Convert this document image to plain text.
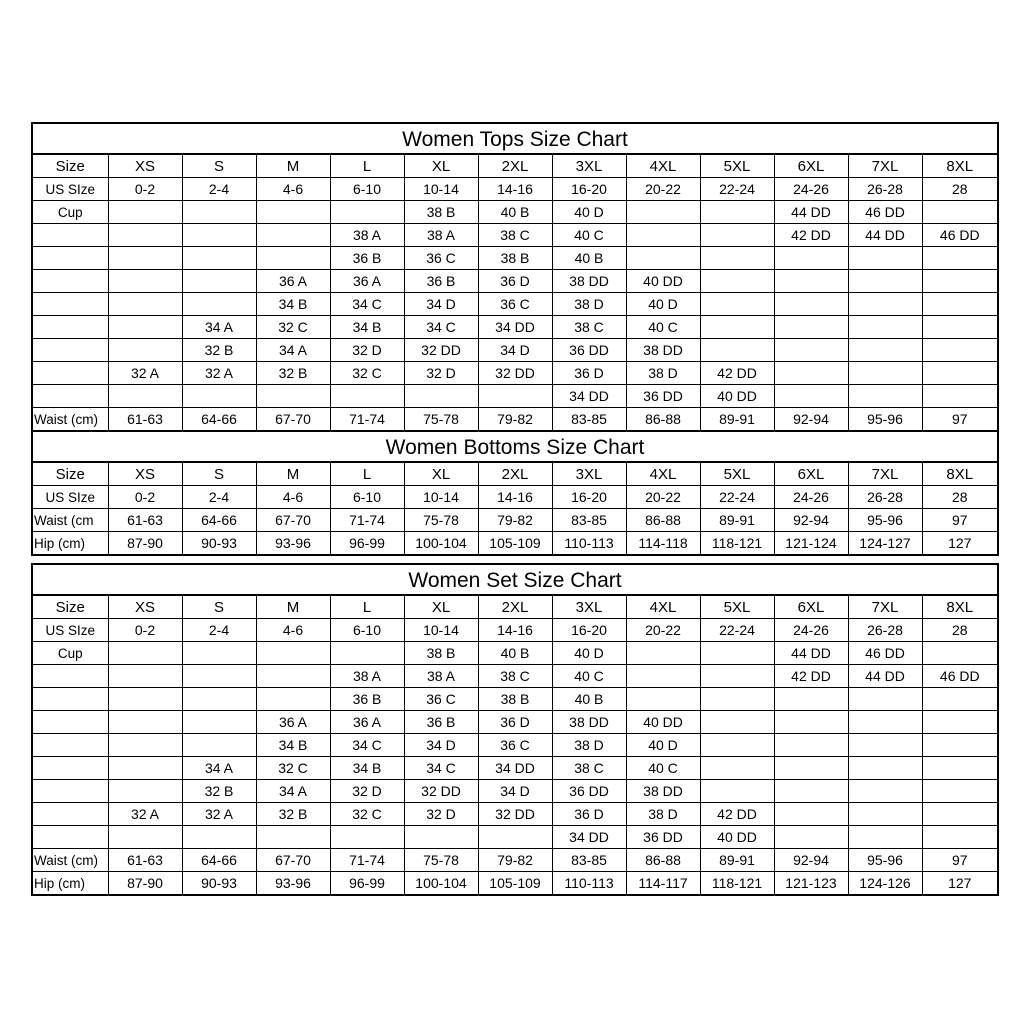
Women Tops Size Chart
Size	XS	S	M	L	XL	2XL	3XL	4XL	5XL	6XL	7XL	8XL
US SIze	0-2	2-4	4-6	6-10	10-14	14-16	16-20	20-22	22-24	24-26	26-28	28
Cup					38 B	40 B	40 D			44 DD	46 DD	
				38 A	38 A	38 C	40 C			42 DD	44 DD	46 DD
				36 B	36 C	38 B	40 B					
			36 A	36 A	36 B	36 D	38 DD	40 DD				
			34 B	34 C	34 D	36 C	38 D	40 D				
		34 A	32 C	34 B	34 C	34 DD	38 C	40 C				
		32 B	34 A	32 D	32 DD	34 D	36 DD	38 DD				
	32 A	32 A	32 B	32 C	32 D	32 DD	36 D	38 D	42 DD			
							34 DD	36 DD	40 DD			
Waist (cm)	61-63	64-66	67-70	71-74	75-78	79-82	83-85	86-88	89-91	92-94	95-96	97
Women Bottoms Size Chart
Size	XS	S	M	L	XL	2XL	3XL	4XL	5XL	6XL	7XL	8XL
US SIze	0-2	2-4	4-6	6-10	10-14	14-16	16-20	20-22	22-24	24-26	26-28	28
Waist (cm	61-63	64-66	67-70	71-74	75-78	79-82	83-85	86-88	89-91	92-94	95-96	97
Hip (cm)	87-90	90-93	93-96	96-99	100-104	105-109	110-113	114-118	118-121	121-124	124-127	127
Women Set Size Chart
Size	XS	S	M	L	XL	2XL	3XL	4XL	5XL	6XL	7XL	8XL
US SIze	0-2	2-4	4-6	6-10	10-14	14-16	16-20	20-22	22-24	24-26	26-28	28
Cup					38 B	40 B	40 D			44 DD	46 DD	
				38 A	38 A	38 C	40 C			42 DD	44 DD	46 DD
				36 B	36 C	38 B	40 B					
			36 A	36 A	36 B	36 D	38 DD	40 DD				
			34 B	34 C	34 D	36 C	38 D	40 D				
		34 A	32 C	34 B	34 C	34 DD	38 C	40 C				
		32 B	34 A	32 D	32 DD	34 D	36 DD	38 DD				
	32 A	32 A	32 B	32 C	32 D	32 DD	36 D	38 D	42 DD			
							34 DD	36 DD	40 DD			
Waist (cm)	61-63	64-66	67-70	71-74	75-78	79-82	83-85	86-88	89-91	92-94	95-96	97
Hip (cm)	87-90	90-93	93-96	96-99	100-104	105-109	110-113	114-117	118-121	121-123	124-126	127
